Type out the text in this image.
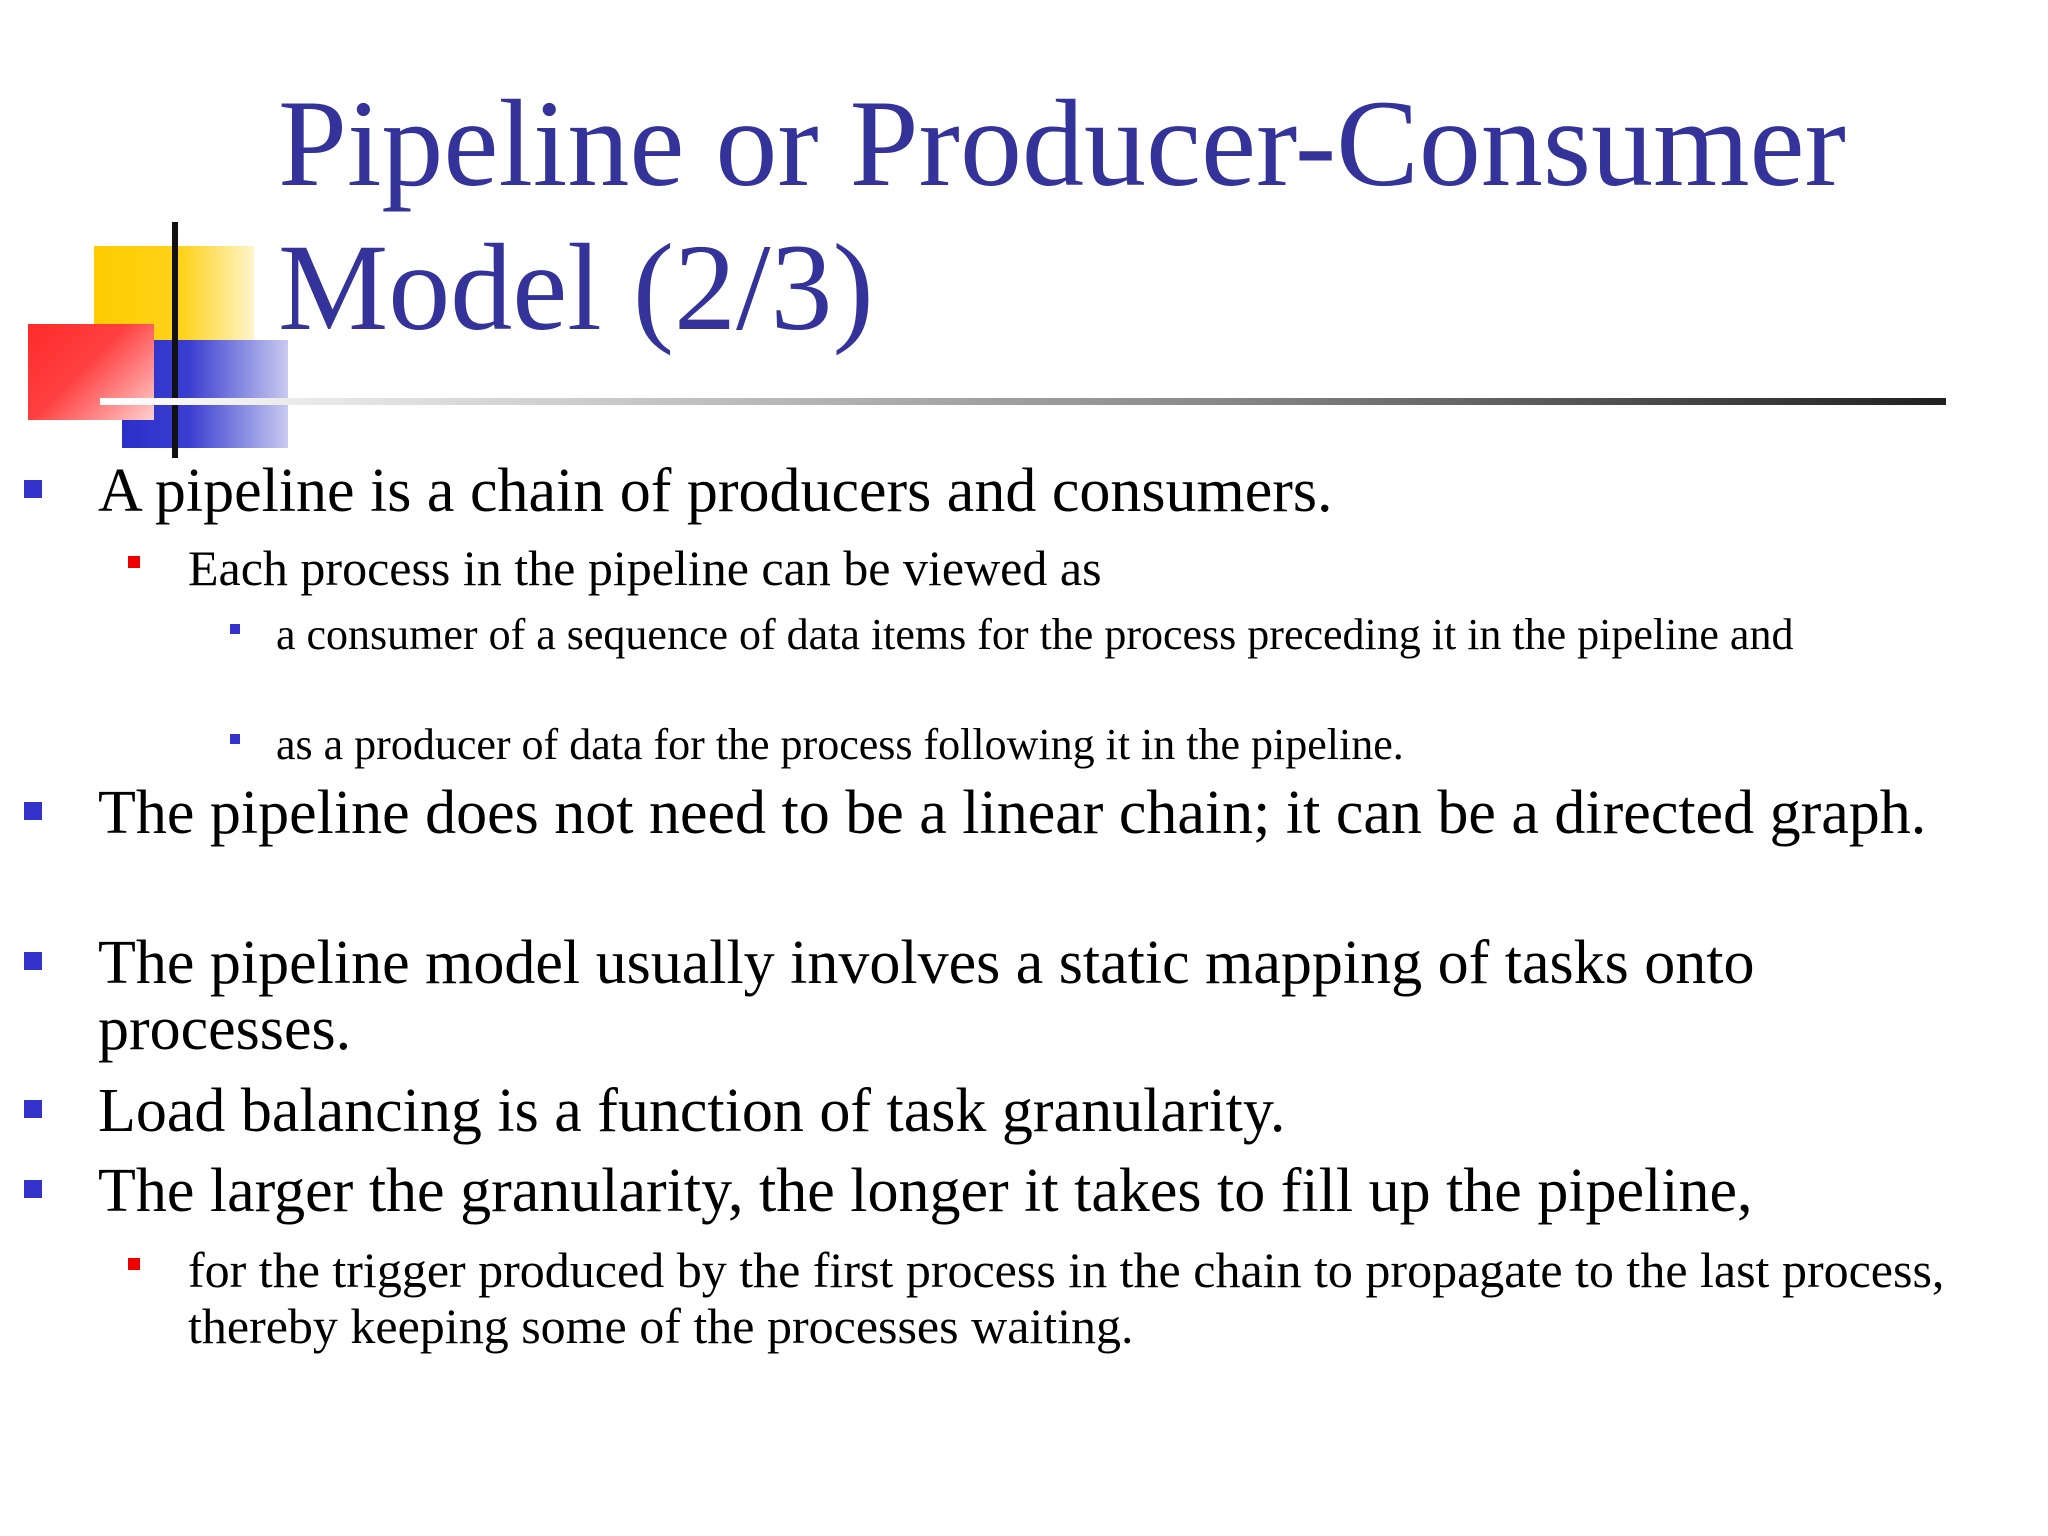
Pipeline or Producer-Consumer
Model (2/3)

A pipeline is a chain of producers and consumers.

Each process in the pipeline can be viewed as

a consumer of a sequence of data items for the process preceding it in the pipeline and

as a producer of data for the process following it in the pipeline.

The pipeline does not need to be a linear chain; it can be a directed graph.

The pipeline model usually involves a static mapping of tasks onto processes.

Load balancing is a function of task granularity.

The larger the granularity, the longer it takes to fill up the pipeline,

for the trigger produced by the first process in the chain to propagate to the last process, thereby keeping some of the processes waiting.
